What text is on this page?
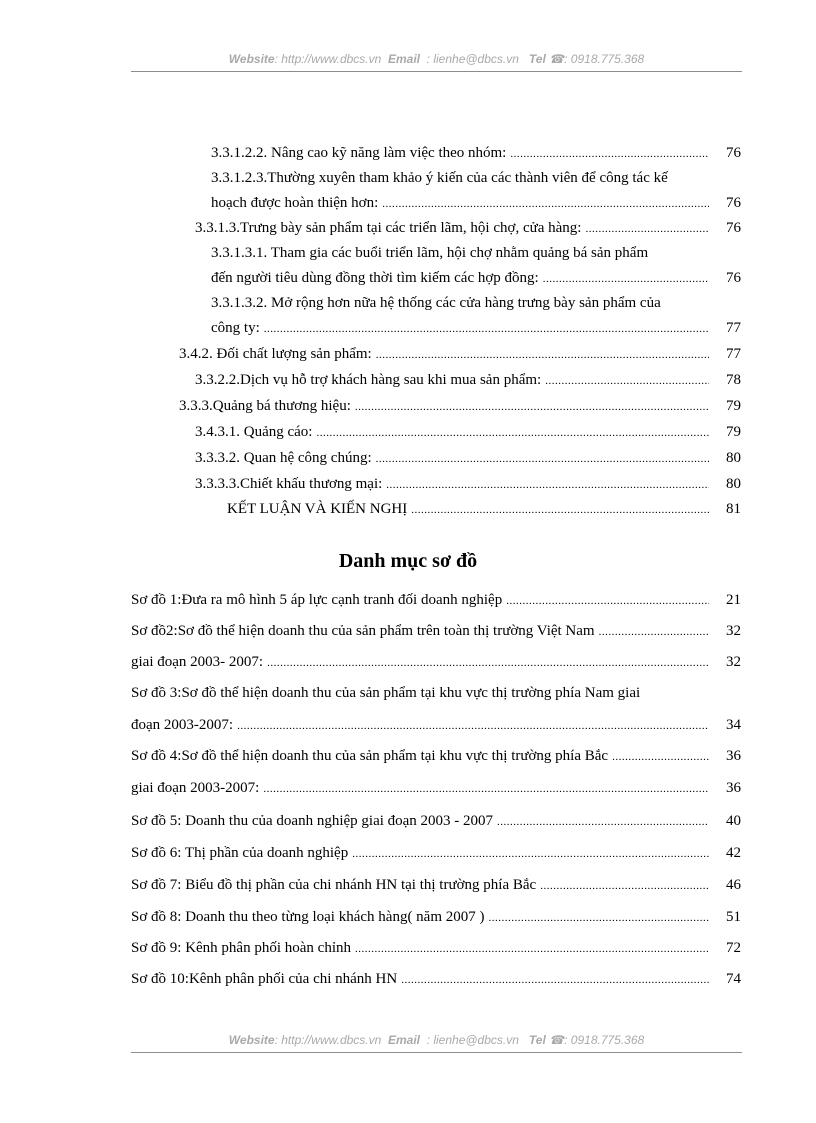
Website: http://www.dbcs.vn Email : lienhe@dbcs.vn Tel ☎: 0918.775.368
3.3.1.2.2. Nâng cao kỹ năng làm việc theo nhóm: .....	76
3.3.1.2.3.Thường xuyên tham khảo ý kiến của các thành viên để công tác kế
hoạch được hoàn thiện hơn: .....	76
3.3.1.3.Trưng bày sản phẩm tại các triển lãm, hội chợ, cửa hàng: .....	76
3.3.1.3.1. Tham gia các buổi triển lãm, hội chợ nhằm quảng bá sản phẩm
đến người tiêu dùng đồng thời tìm kiếm các hợp đồng: .....	76
3.3.1.3.2. Mở rộng hơn nữa hệ thống các cửa hàng trưng bày sản phẩm của
công ty: .....	77
3.4.2. Đối chất lượng sản phẩm: .....	77
3.3.2.2.Dịch vụ hỗ trợ khách hàng sau khi mua sản phẩm: .....	78
3.3.3.Quảng bá thương hiệu: .....	79
3.4.3.1. Quảng cáo: .....	79
3.3.3.2. Quan hệ công chúng: .....	80
3.3.3.3.Chiết khấu thương mại: .....	80
KẾT LUẬN VÀ KIẾN NGHỊ .....	81
Danh mục sơ đồ
Sơ đồ 1:Đưa ra mô hình 5 áp lực cạnh tranh đối doanh nghiệp .....	21
Sơ đồ2:Sơ đồ thể hiện doanh thu của sản phẩm trên toàn thị trường Việt Nam .....	32
giai đoạn 2003- 2007: .....	32
Sơ đồ 3:Sơ đồ thể hiện doanh thu của sản phẩm tại khu vực thị trường phía Nam giai
đoạn 2003-2007: .....	34
Sơ đồ 4:Sơ đồ thể hiện doanh thu của sản phẩm tại khu vực thị trường phía Bắc .....	36
giai đoạn 2003-2007: .....	36
Sơ đồ 5: Doanh thu của doanh nghiệp giai đoạn 2003 - 2007 .....	40
Sơ đồ 6: Thị phần của doanh nghiệp .....	42
Sơ đồ 7: Biểu đồ thị phần của chi nhánh HN tại thị trường phía Bắc .....	46
Sơ đồ 8: Doanh thu theo từng loại khách hàng( năm 2007 ) .....	51
Sơ đồ 9: Kênh phân phối hoàn chỉnh .....	72
Sơ đồ 10:Kênh phân phối của chi nhánh HN .....	74
Website: http://www.dbcs.vn Email : lienhe@dbcs.vn Tel ☎: 0918.775.368
